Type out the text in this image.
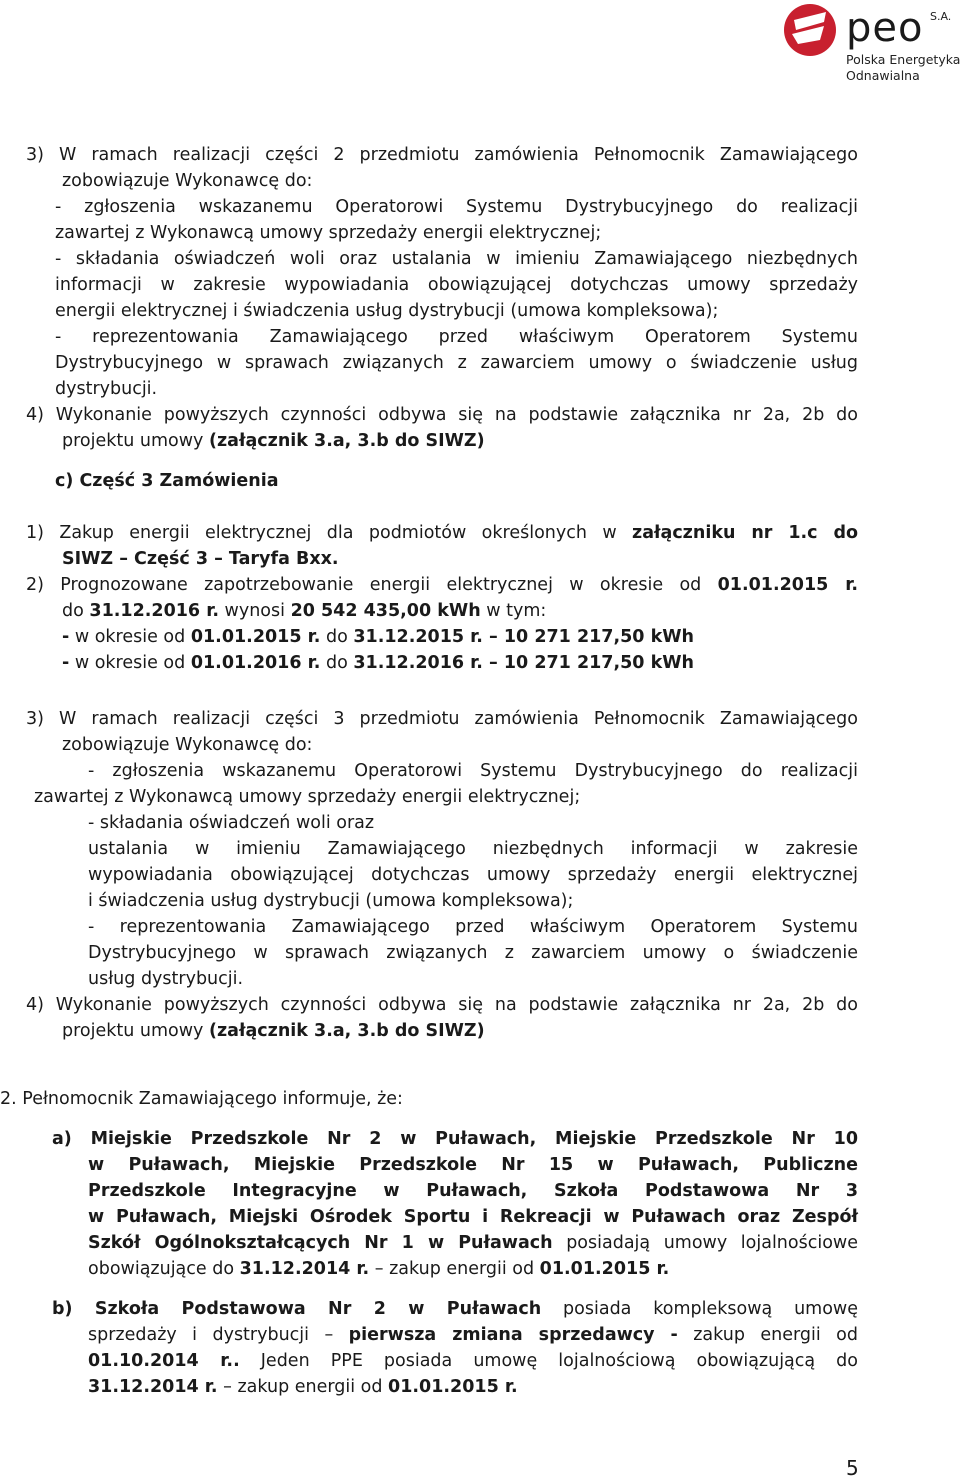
peo S.A.
Polska Energetyka
Odnawialna
3) W ramach realizacji części 2 przedmiotu zamówienia Pełnomocnik Zamawiającego
zobowiązuje Wykonawcę do:
- zgłoszenia wskazanemu Operatorowi Systemu Dystrybucyjnego do realizacji
zawartej z Wykonawcą umowy sprzedaży energii elektrycznej;
- składania oświadczeń woli oraz ustalania w imieniu Zamawiającego niezbędnych
informacji w zakresie wypowiadania obowiązującej dotychczas umowy sprzedaży
energii elektrycznej i świadczenia usług dystrybucji (umowa kompleksowa);
- reprezentowania Zamawiającego przed właściwym Operatorem Systemu
Dystrybucyjnego w sprawach związanych z zawarciem umowy o świadczenie usług
dystrybucji.
4) Wykonanie powyższych czynności odbywa się na podstawie załącznika nr 2a, 2b do
projektu umowy (załącznik 3.a, 3.b do SIWZ)
c) Część 3 Zamówienia
1) Zakup energii elektrycznej dla podmiotów określonych w załączniku nr 1.c do
SIWZ – Część 3 – Taryfa Bxx.
2) Prognozowane zapotrzebowanie energii elektrycznej w okresie od 01.01.2015 r.
do 31.12.2016 r. wynosi 20 542 435,00 kWh w tym:
- w okresie od 01.01.2015 r. do 31.12.2015 r. – 10 271 217,50 kWh
- w okresie od 01.01.2016 r. do 31.12.2016 r. – 10 271 217,50 kWh
3) W ramach realizacji części 3 przedmiotu zamówienia Pełnomocnik Zamawiającego
zobowiązuje Wykonawcę do:
- zgłoszenia wskazanemu Operatorowi Systemu Dystrybucyjnego do realizacji
zawartej z Wykonawcą umowy sprzedaży energii elektrycznej;
- składania oświadczeń woli oraz
ustalania w imieniu Zamawiającego niezbędnych informacji w zakresie
wypowiadania obowiązującej dotychczas umowy sprzedaży energii elektrycznej
i świadczenia usług dystrybucji (umowa kompleksowa);
- reprezentowania Zamawiającego przed właściwym Operatorem Systemu
Dystrybucyjnego w sprawach związanych z zawarciem umowy o świadczenie
usług dystrybucji.
4) Wykonanie powyższych czynności odbywa się na podstawie załącznika nr 2a, 2b do
projektu umowy (załącznik 3.a, 3.b do SIWZ)
2. Pełnomocnik Zamawiającego informuje, że:
a) Miejskie Przedszkole Nr 2 w Puławach, Miejskie Przedszkole Nr 10
w Puławach, Miejskie Przedszkole Nr 15 w Puławach, Publiczne
Przedszkole Integracyjne w Puławach, Szkoła Podstawowa Nr 3
w Puławach, Miejski Ośrodek Sportu i Rekreacji w Puławach oraz Zespół
Szkół Ogólnokształcących Nr 1 w Puławach posiadają umowy lojalnościowe
obowiązujące do 31.12.2014 r. – zakup energii od 01.01.2015 r.
b) Szkoła Podstawowa Nr 2 w Puławach posiada kompleksową umowę
sprzedaży i dystrybucji – pierwsza zmiana sprzedawcy - zakup energii od
01.10.2014 r.. Jeden PPE posiada umowę lojalnościową obowiązującą do
31.12.2014 r. – zakup energii od 01.01.2015 r.
5
